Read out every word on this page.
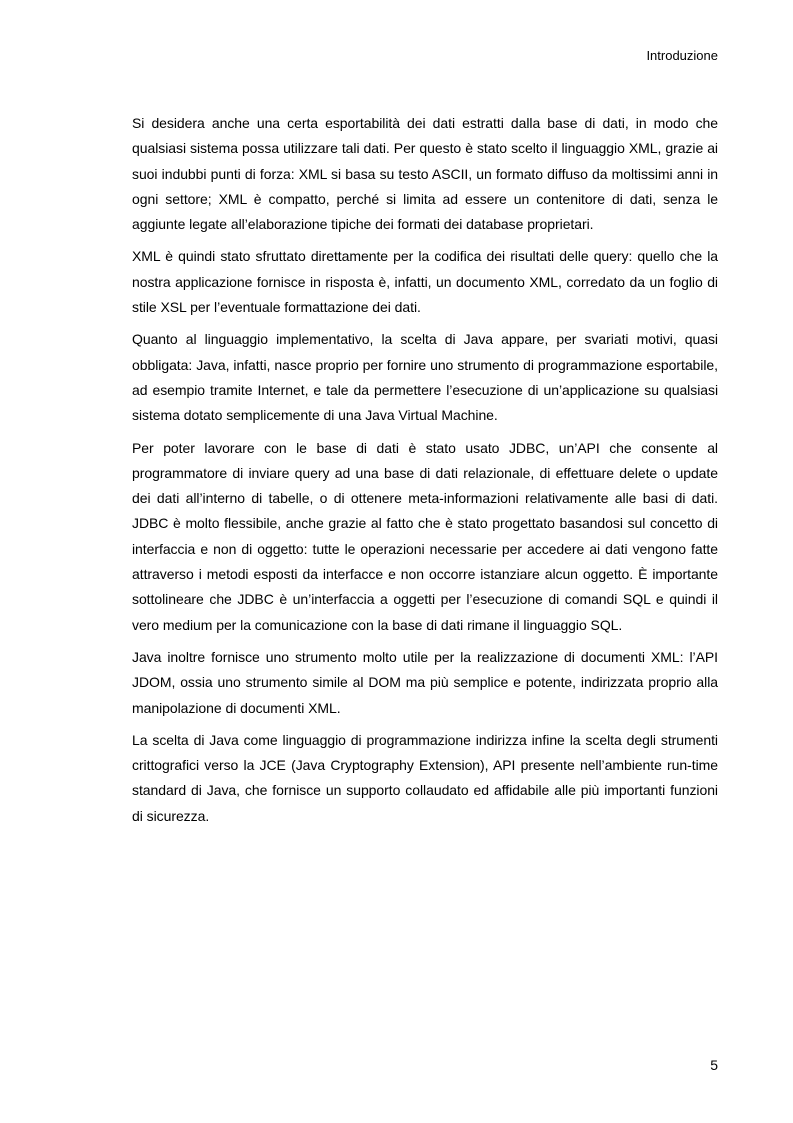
Introduzione

Si desidera anche una certa esportabilità dei dati estratti dalla base di dati, in modo che qualsiasi sistema possa utilizzare tali dati. Per questo è stato scelto il linguaggio XML, grazie ai suoi indubbi punti di forza: XML si basa su testo ASCII, un formato diffuso da moltissimi anni in ogni settore; XML è compatto, perché si limita ad essere un contenitore di dati, senza le aggiunte legate all’elaborazione tipiche dei formati dei database proprietari.

XML è quindi stato sfruttato direttamente per la codifica dei risultati delle query: quello che la nostra applicazione fornisce in risposta è, infatti, un documento XML, corredato da un foglio di stile XSL per l’eventuale formattazione dei dati.

Quanto al linguaggio implementativo, la scelta di Java appare, per svariati motivi, quasi obbligata: Java, infatti, nasce proprio per fornire uno strumento di programmazione esportabile, ad esempio tramite Internet, e tale da permettere l’esecuzione di un’applicazione su qualsiasi sistema dotato semplicemente di una Java Virtual Machine.

Per poter lavorare con le base di dati è stato usato JDBC, un’API che consente al programmatore di inviare query ad una base di dati relazionale, di effettuare delete o update dei dati all’interno di tabelle, o di ottenere meta-informazioni relativamente alle basi di dati. JDBC è molto flessibile, anche grazie al fatto che è stato progettato basandosi sul concetto di interfaccia e non di oggetto: tutte le operazioni necessarie per accedere ai dati vengono fatte attraverso i metodi esposti da interfacce e non occorre istanziare alcun oggetto. È importante sottolineare che JDBC è un’interfaccia a oggetti per l’esecuzione di comandi SQL e quindi il vero medium per la comunicazione con la base di dati rimane il linguaggio SQL.

Java inoltre fornisce uno strumento molto utile per la realizzazione di documenti XML: l’API JDOM, ossia uno strumento simile al DOM ma più semplice e potente, indirizzata proprio alla manipolazione di documenti XML.

La scelta di Java come linguaggio di programmazione indirizza infine la scelta degli strumenti crittografici verso la JCE (Java Cryptography Extension), API presente nell’ambiente run-time standard di Java, che fornisce un supporto collaudato ed affidabile alle più importanti funzioni di sicurezza.

5
